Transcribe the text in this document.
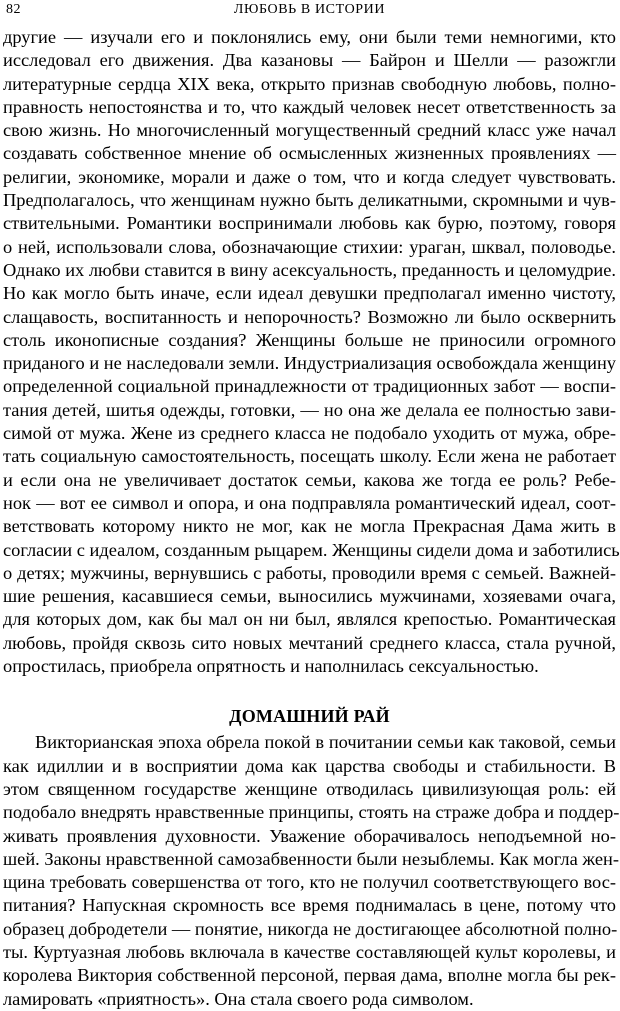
82	ЛЮБОВЬ В ИСТОРИИ
другие — изучали его и поклонялись ему, они были теми немногими, кто
исследовал его движения. Два казановы — Байрон и Шелли — разожгли
литературные сердца XIX века, открыто признав свободную любовь, полно-
правность непостоянства и то, что каждый человек несет ответственность за
свою жизнь. Но многочисленный могущественный средний класс уже начал
создавать собственное мнение об осмысленных жизненных проявлениях —
религии, экономике, морали и даже о том, что и когда следует чувствовать.
Предполагалось, что женщинам нужно быть деликатными, скромными и чув-
ствительными. Романтики воспринимали любовь как бурю, поэтому, говоря
о ней, использовали слова, обозначающие стихии: ураган, шквал, половодье.
Однако их любви ставится в вину асексуальность, преданность и целомудрие.
Но как могло быть иначе, если идеал девушки предполагал именно чистоту,
слащавость, воспитанность и непорочность? Возможно ли было осквернить
столь иконописные создания? Женщины больше не приносили огромного
приданого и не наследовали земли. Индустриализация освобождала женщину
определенной социальной принадлежности от традиционных забот — воспи-
тания детей, шитья одежды, готовки, — но она же делала ее полностью зави-
симой от мужа. Жене из среднего класса не подобало уходить от мужа, обре-
тать социальную самостоятельность, посещать школу. Если жена не работает
и если она не увеличивает достаток семьи, какова же тогда ее роль? Ребе-
нок — вот ее символ и опора, и она подправляла романтический идеал, соот-
ветствовать которому никто не мог, как не могла Прекрасная Дама жить в
согласии с идеалом, созданным рыцарем. Женщины сидели дома и заботились
о детях; мужчины, вернувшись с работы, проводили время с семьей. Важней-
шие решения, касавшиеся семьи, выносились мужчинами, хозяевами очага,
для которых дом, как бы мал он ни был, являлся крепостью. Романтическая
любовь, пройдя сквозь сито новых мечтаний среднего класса, стала ручной,
опростилась, приобрела опрятность и наполнилась сексуальностью.
ДОМАШНИЙ РАЙ
Викторианская эпоха обрела покой в почитании семьи как таковой, семьи
как идиллии и в восприятии дома как царства свободы и стабильности. В
этом священном государстве женщине отводилась цивилизующая роль: ей
подобало внедрять нравственные принципы, стоять на страже добра и поддер-
живать проявления духовности. Уважение оборачивалось неподъемной но-
шей. Законы нравственной самозабвенности были незыблемы. Как могла жен-
щина требовать совершенства от того, кто не получил соответствующего вос-
питания? Напускная скромность все время поднималась в цене, потому что
образец добродетели — понятие, никогда не достигающее абсолютной полно-
ты. Куртуазная любовь включала в качестве составляющей культ королевы, и
королева Виктория собственной персоной, первая дама, вполне могла бы рек-
ламировать «приятность». Она стала своего рода символом.
